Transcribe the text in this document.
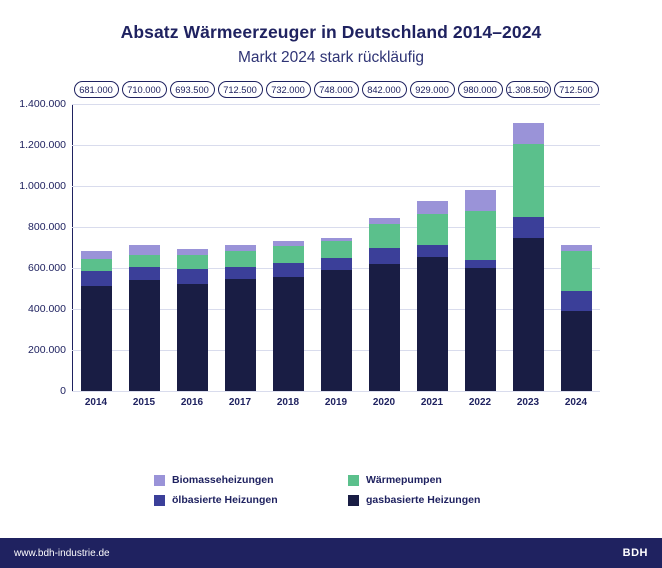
Absatz Wärmeerzeuger in Deutschland 2014–2024
Markt 2024 stark rückläufig
0
200.000
400.000
600.000
800.000
1.000.000
1.200.000
1.400.000
2014	2015	2016	2017	2018	2019	2020	2021	2022	2023	2024
681.000	710.000	693.500	712.500	732.000	748.000	842.000	929.000	980.000	1.308.500	712.500
Biomasseheizungen	Wärmepumpen
ölbasierte Heizungen	gasbasierte Heizungen
www.bdh-industrie.de	BDH
